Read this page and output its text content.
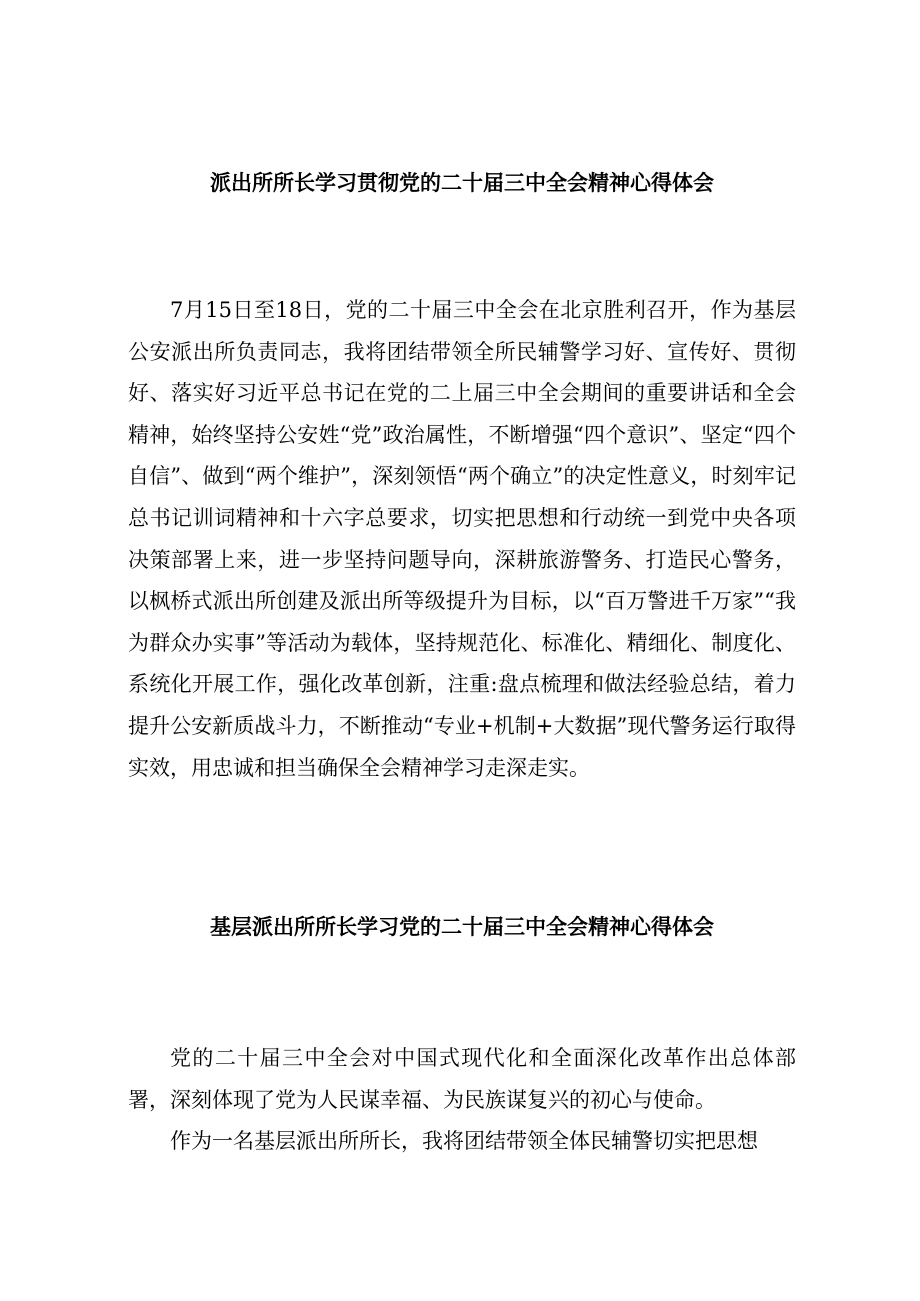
派出所所长学习贯彻党的二十届三中全会精神心得体会

7月15日至18日，党的二十届三中全会在北京胜利召开，作为基层公安派出所负责同志，我将团结带领全所民辅警学习好、宣传好、贯彻好、落实好习近平总书记在党的二上届三中全会期间的重要讲话和全会精神，始终坚持公安姓“党”政治属性，不断增强“四个意识”、坚定“四个自信”、做到“两个维护”，深刻领悟“两个确立”的决定性意义，时刻牢记总书记训词精神和十六字总要求，切实把思想和行动统一到党中央各项决策部署上来，进一步坚持问题导向，深耕旅游警务、打造民心警务，以枫桥式派出所创建及派出所等级提升为目标，以“百万警进千万家”“我为群众办实事”等活动为载体，坚持规范化、标准化、精细化、制度化、系统化开展工作，强化改革创新，注重:盘点梳理和做法经验总结，着力提升公安新质战斗力，不断推动“专业+机制+大数据”现代警务运行取得实效，用忠诚和担当确保全会精神学习走深走实。

基层派出所所长学习党的二十届三中全会精神心得体会

党的二十届三中全会对中国式现代化和全面深化改革作出总体部署，深刻体现了党为人民谋幸福、为民族谋复兴的初心与使命。

作为一名基层派出所所长，我将团结带领全体民辅警切实把思想
